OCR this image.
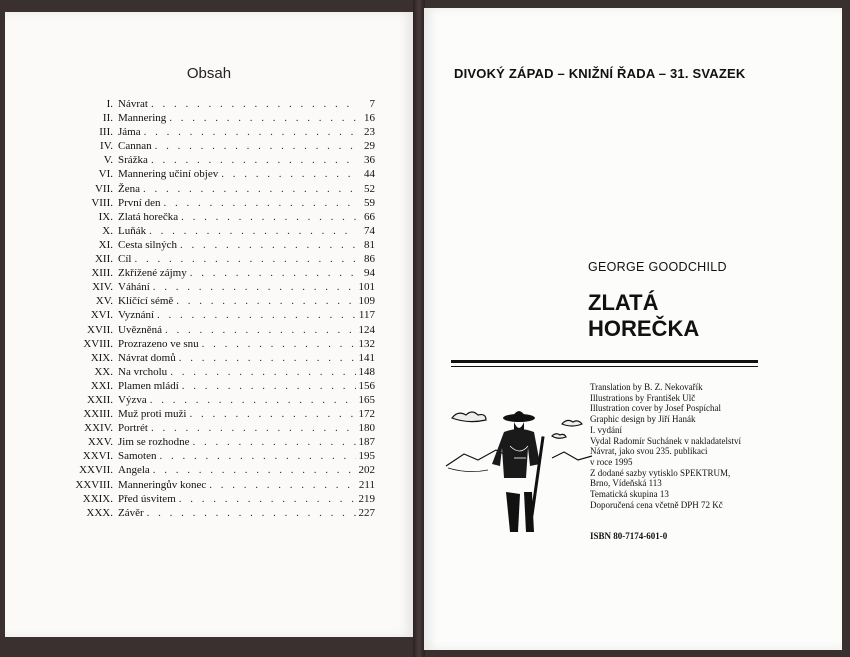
Obsah
I. Návrat . . .	7
II. Mannering . . .	16
III. Jáma . . .	23
IV. Cannan . . .	29
V. Srážka . . .	36
VI. Mannering učiní objev . . .	44
VII. Žena . . .	52
VIII. První den . . .	59
IX. Zlatá horečka . . .	66
X. Luňák . . .	74
XI. Cesta silných . . .	81
XII. Cíl . . .	86
XIII. Zkřížené zájmy . . .	94
XIV. Váhání . . .	101
XV. Klíčící sémě . . .	109
XVI. Vyznání . . .	117
XVII. Uvězněná . . .	124
XVIII. Prozrazeno ve snu . . .	132
XIX. Návrat domů . . .	141
XX. Na vrcholu . . .	148
XXI. Plamen mládí . . .	156
XXII. Výzva . . .	165
XXIII. Muž proti muži . . .	172
XXIV. Portrét . . .	180
XXV. Jim se rozhodne . . .	187
XXVI. Samoten . . .	195
XXVII. Angela . . .	202
XXVIII. Manneringův konec . . .	211
XXIX. Před úsvitem . . .	219
XXX. Závěr . . .	227
DIVOKÝ ZÁPAD – KNIŽNÍ ŘADA – 31. SVAZEK
GEORGE GOODCHILD
ZLATÁ
HOREČKA
Translation by B. Z. Nekovařík
Illustrations by František Ulč
Illustration cover by Josef Pospíchal
Graphic design by Jiří Hanák
I. vydání
Vydal Radomír Suchánek v nakladatelství
Návrat, jako svou 235. publikaci
v roce 1995
Z dodané sazby vytisklo SPEKTRUM,
Brno, Vídeňská 113
Tematická skupina 13
Doporučená cena včetně DPH 72 Kč
ISBN 80-7174-601-0
